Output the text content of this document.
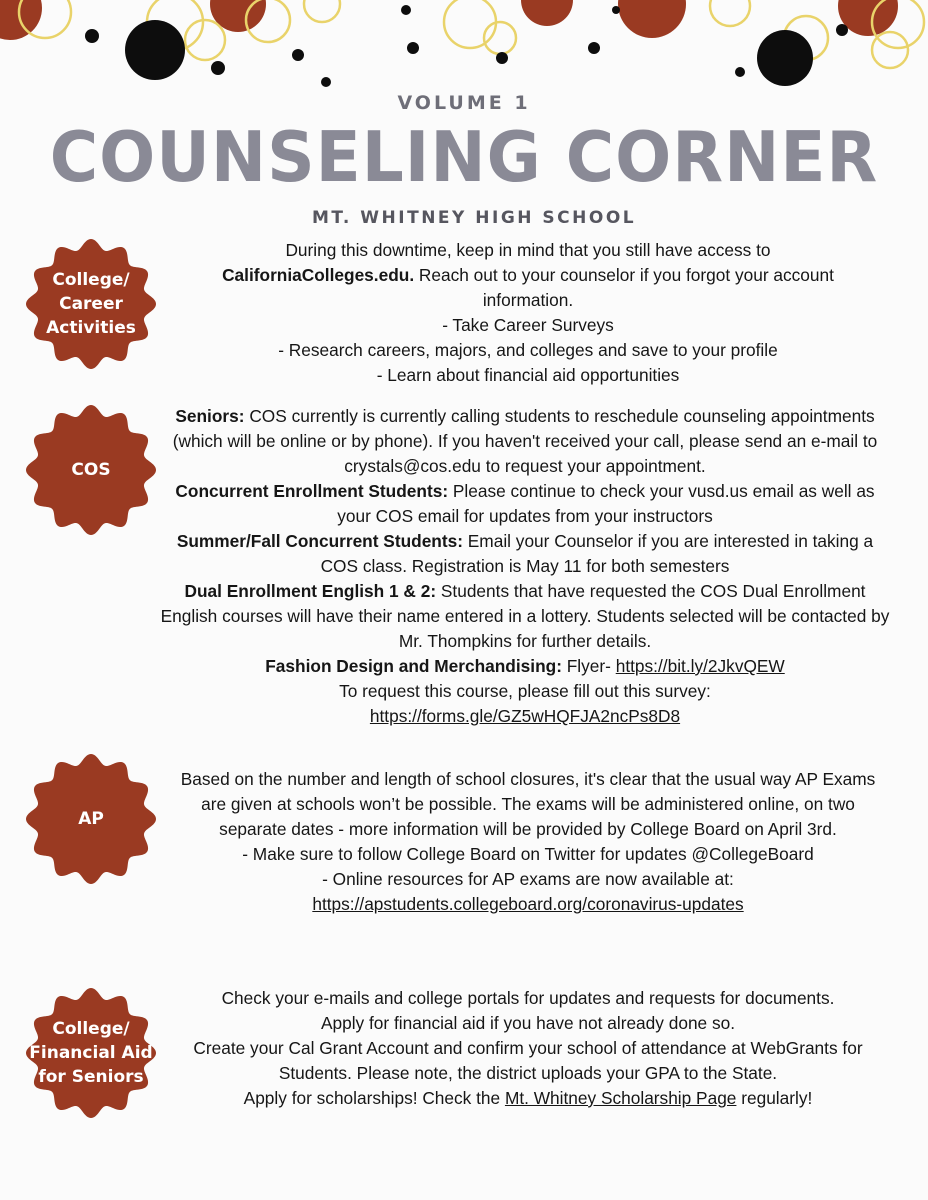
VOLUME 1
COUNSELING CORNER
MT. WHITNEY HIGH SCHOOL
College/
Career
Activities
COS
AP
College/
Financial Aid
for Seniors

During this downtime, keep in mind that you still have access to

CaliforniaColleges.edu. Reach out to your counselor if you forgot your account information.

- Take Career Surveys

- Research careers, majors, and colleges and save to your profile

- Learn about financial aid opportunities

Seniors: COS currently is currently calling students to reschedule counseling appointments (which will be online or by phone). If you haven't received your call, please send an e-mail to crystals@cos.edu to request your appointment.

Concurrent Enrollment Students: Please continue to check your vusd.us email as well as your COS email for updates from your instructors

Summer/Fall Concurrent Students: Email your Counselor if you are interested in taking a COS class. Registration is May 11 for both semesters

Dual Enrollment English 1 & 2: Students that have requested the COS Dual Enrollment English courses will have their name entered in a lottery. Students selected will be contacted by Mr. Thompkins for further details.

Fashion Design and Merchandising: Flyer- https://bit.ly/2JkvQEW

To request this course, please fill out this survey:

https://forms.gle/GZ5wHQFJA2ncPs8D8

Based on the number and length of school closures, it's clear that the usual way AP Exams are given at schools won’t be possible. The exams will be administered online, on two separate dates - more information will be provided by College Board on April 3rd.

- Make sure to follow College Board on Twitter for updates @CollegeBoard

- Online resources for AP exams are now available at:

https://apstudents.collegeboard.org/coronavirus-updates

Check your e-mails and college portals for updates and requests for documents.

Apply for financial aid if you have not already done so.

Create your Cal Grant Account and confirm your school of attendance at WebGrants for Students. Please note, the district uploads your GPA to the State.

Apply for scholarships! Check the Mt. Whitney Scholarship Page regularly!
